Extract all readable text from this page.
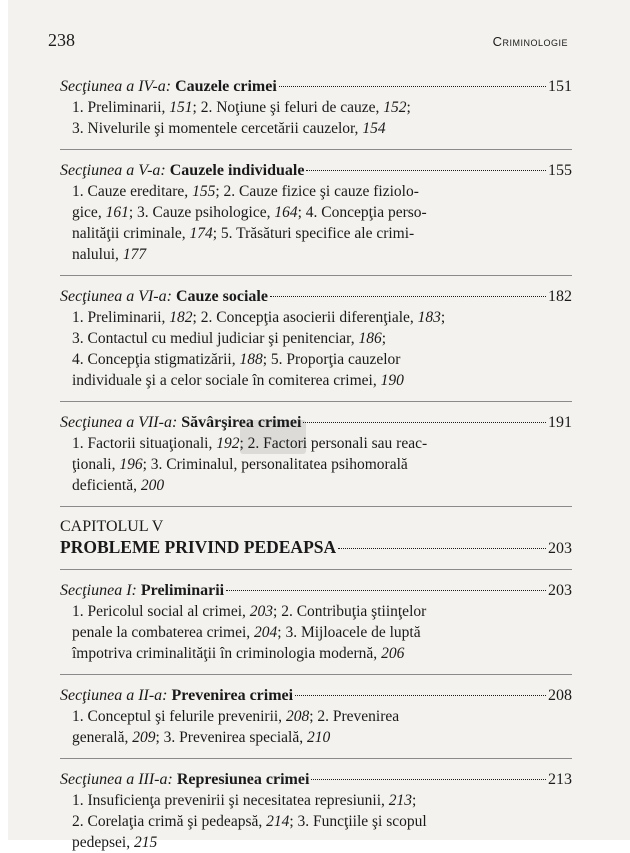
238	Criminologie
Secţiunea a IV-a: Cauzele crimei	151
1. Preliminarii, 151; 2. Noţiune şi feluri de cauze, 152;
3. Nivelurile şi momentele cercetării cauzelor, 154
Secţiunea a V-a: Cauzele individuale	155
1. Cauze ereditare, 155; 2. Cauze fizice şi cauze fiziolo-
gice, 161; 3. Cauze psihologice, 164; 4. Concepţia perso-
nalităţii criminale, 174; 5. Trăsături specifice ale crimi-
nalului, 177
Secţiunea a VI-a: Cauze sociale	182
1. Preliminarii, 182; 2. Concepţia asocierii diferenţiale, 183;
3. Contactul cu mediul judiciar şi penitenciar, 186;
4. Concepţia stigmatizării, 188; 5. Proporţia cauzelor
individuale şi a celor sociale în comiterea crimei, 190
Secţiunea a VII-a: Săvârşirea crimei	191
1. Factorii situaţionali, 192; 2. Factori personali sau reac-
ţionali, 196; 3. Criminalul, personalitatea psihomorală
deficientă, 200
CAPITOLUL V
PROBLEME PRIVIND PEDEAPSA	203
Secţiunea I: Preliminarii	203
1. Pericolul social al crimei, 203; 2. Contribuţia ştiinţelor
penale la combaterea crimei, 204; 3. Mijloacele de luptă
împotriva criminalităţii în criminologia modernă, 206
Secţiunea a II-a: Prevenirea crimei	208
1. Conceptul şi felurile prevenirii, 208; 2. Prevenirea
generală, 209; 3. Prevenirea specială, 210
Secţiunea a III-a: Represiunea crimei	213
1. Insuficienţa prevenirii şi necesitatea represiunii, 213;
2. Corelaţia crimă şi pedeapsă, 214; 3. Funcţiile şi scopul
pedepsei, 215
